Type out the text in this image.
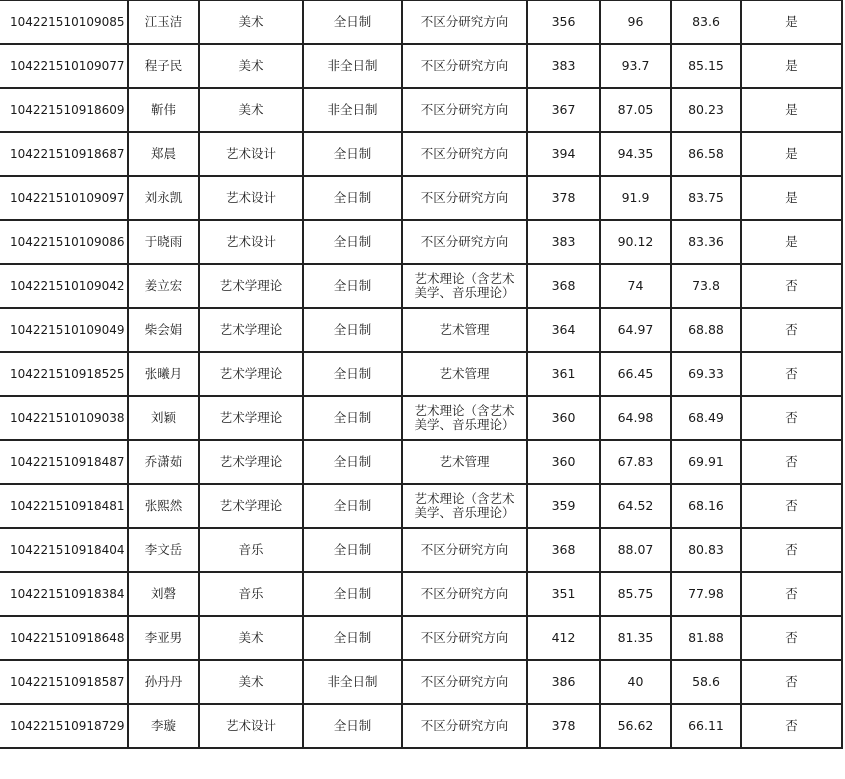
104221510109085	江玉洁	美术	全日制	不区分研究方向	356	96	83.6	是
104221510109077	程子民	美术	非全日制	不区分研究方向	383	93.7	85.15	是
104221510918609	靳伟	美术	非全日制	不区分研究方向	367	87.05	80.23	是
104221510918687	郑晨	艺术设计	全日制	不区分研究方向	394	94.35	86.58	是
104221510109097	刘永凯	艺术设计	全日制	不区分研究方向	378	91.9	83.75	是
104221510109086	于晓雨	艺术设计	全日制	不区分研究方向	383	90.12	83.36	是
104221510109042	姜立宏	艺术学理论	全日制	艺术理论（含艺术美学、音乐理论）	368	74	73.8	否
104221510109049	柴会娟	艺术学理论	全日制	艺术管理	364	64.97	68.88	否
104221510918525	张曦月	艺术学理论	全日制	艺术管理	361	66.45	69.33	否
104221510109038	刘颖	艺术学理论	全日制	艺术理论（含艺术美学、音乐理论）	360	64.98	68.49	否
104221510918487	乔潇茹	艺术学理论	全日制	艺术管理	360	67.83	69.91	否
104221510918481	张熙然	艺术学理论	全日制	艺术理论（含艺术美学、音乐理论）	359	64.52	68.16	否
104221510918404	李文岳	音乐	全日制	不区分研究方向	368	88.07	80.83	否
104221510918384	刘磬	音乐	全日制	不区分研究方向	351	85.75	77.98	否
104221510918648	李亚男	美术	全日制	不区分研究方向	412	81.35	81.88	否
104221510918587	孙丹丹	美术	非全日制	不区分研究方向	386	40	58.6	否
104221510918729	李璇	艺术设计	全日制	不区分研究方向	378	56.62	66.11	否
